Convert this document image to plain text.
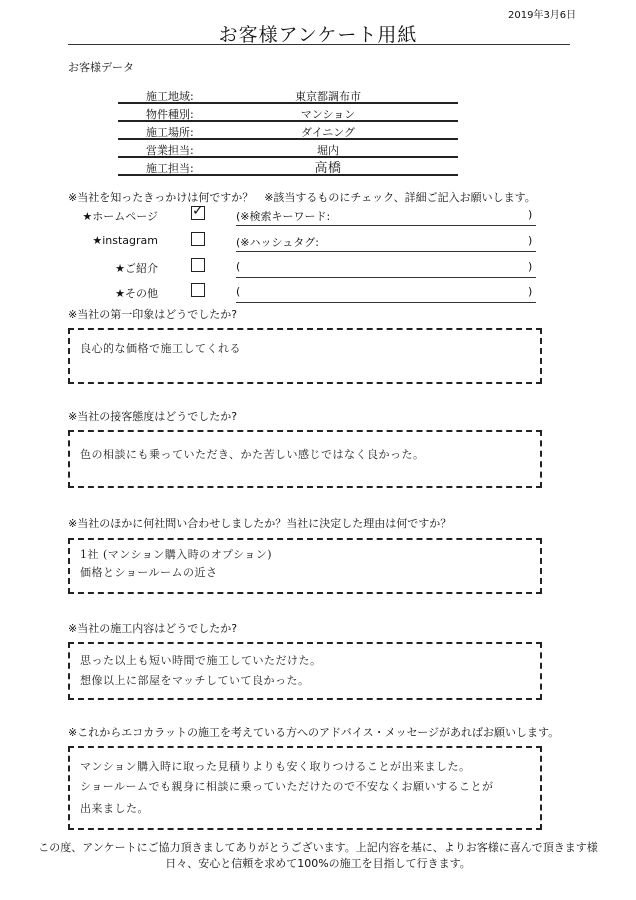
2019年3月6日
お客様アンケート用紙
お客様データ
施工地域:	東京都調布市
物件種別:	マンション
施工場所:	ダイニング
営業担当:	堀内
施工担当:	高橋
※当社を知ったきっかけは何ですか？　※該当するものにチェック、詳細ご記入お願いします。
★ホームページ ✓	(※検索キーワード:	)
★instagram	(※ハッシュタグ:	)
★ご紹介	(	)
★その他	(	)
※当社の第一印象はどうでしたか?
良心的な価格で施工してくれる
※当社の接客態度はどうでしたか?
色の相談にも乗っていただき、かた苦しい感じではなく良かった。
※当社のほかに何社問い合わせしましたか？当社に決定した理由は何ですか？
1社 (マンション購入時のオプション)
価格とショールームの近さ
※当社の施工内容はどうでしたか?
思った以上も短い時間で施工していただけた。
想像以上に部屋をマッチしていて良かった。
※これからエコカラットの施工を考えている方へのアドバイス・メッセージがあればお願いします。
マンション購入時に取った見積りよりも安く取りつけることが出来ました。
ショールームでも親身に相談に乗っていただけたので不安なくお願いすることが
出来ました。
この度、アンケートにご協力頂きましてありがとうございます。上記内容を基に、よりお客様に喜んで頂きます様
日々、安心と信頼を求めて100%の施工を目指して行きます。
